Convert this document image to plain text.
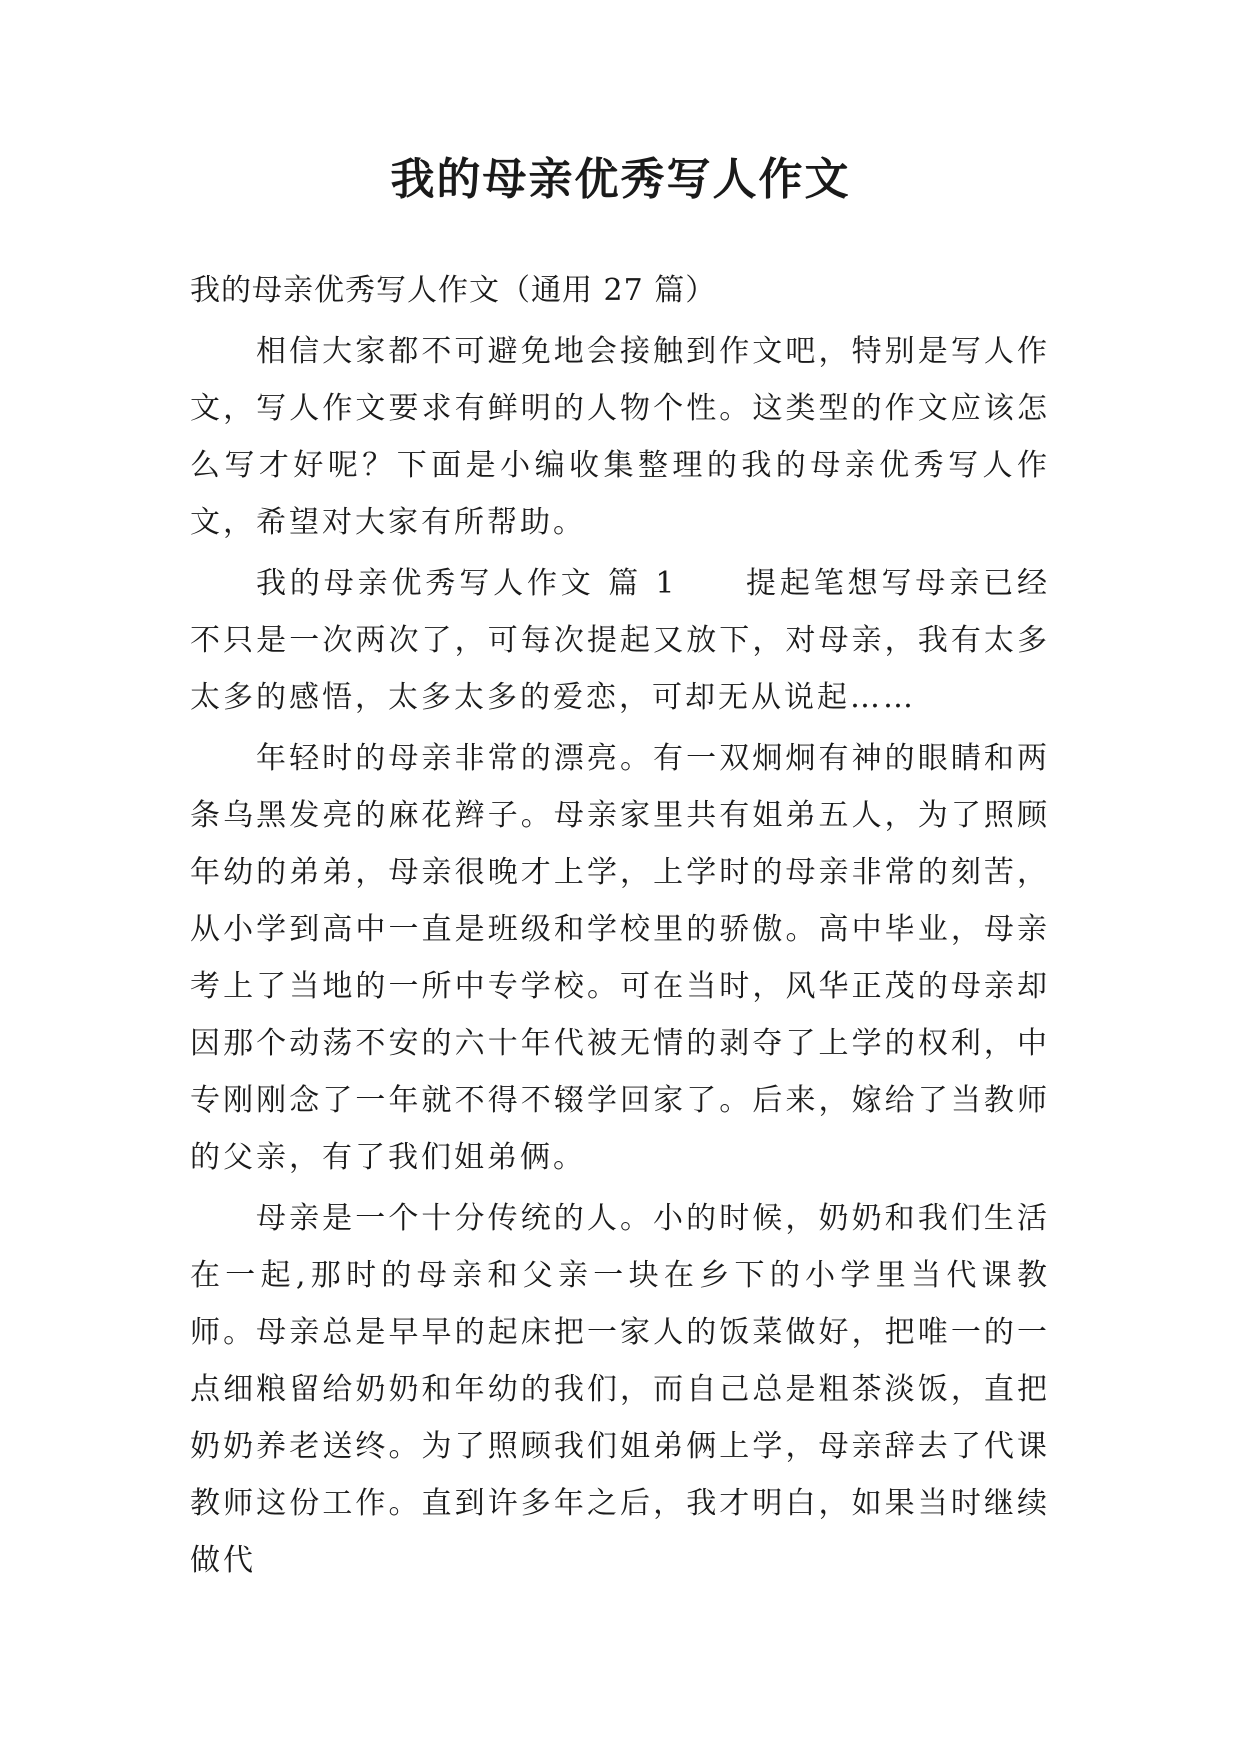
我的母亲优秀写人作文

我的母亲优秀写人作文（通用 27 篇）

相信大家都不可避免地会接触到作文吧，特别是写人作文，写人作文要求有鲜明的人物个性。这类型的作文应该怎么写才好呢？下面是小编收集整理的我的母亲优秀写人作文，希望对大家有所帮助。

我的母亲优秀写人作文 篇 1　　提起笔想写母亲已经不只是一次两次了，可每次提起又放下，对母亲，我有太多太多的感悟，太多太多的爱恋，可却无从说起……

年轻时的母亲非常的漂亮。有一双炯炯有神的眼睛和两条乌黑发亮的麻花辫子。母亲家里共有姐弟五人，为了照顾年幼的弟弟，母亲很晚才上学，上学时的母亲非常的刻苦，从小学到高中一直是班级和学校里的骄傲。高中毕业，母亲考上了当地的一所中专学校。可在当时，风华正茂的母亲却因那个动荡不安的六十年代被无情的剥夺了上学的权利，中专刚刚念了一年就不得不辍学回家了。后来，嫁给了当教师的父亲，有了我们姐弟俩。

母亲是一个十分传统的人。小的时候，奶奶和我们生活在一起,那时的母亲和父亲一块在乡下的小学里当代课教师。母亲总是早早的起床把一家人的饭菜做好，把唯一的一点细粮留给奶奶和年幼的我们，而自己总是粗茶淡饭，直把奶奶养老送终。为了照顾我们姐弟俩上学，母亲辞去了代课教师这份工作。直到许多年之后，我才明白，如果当时继续做代
